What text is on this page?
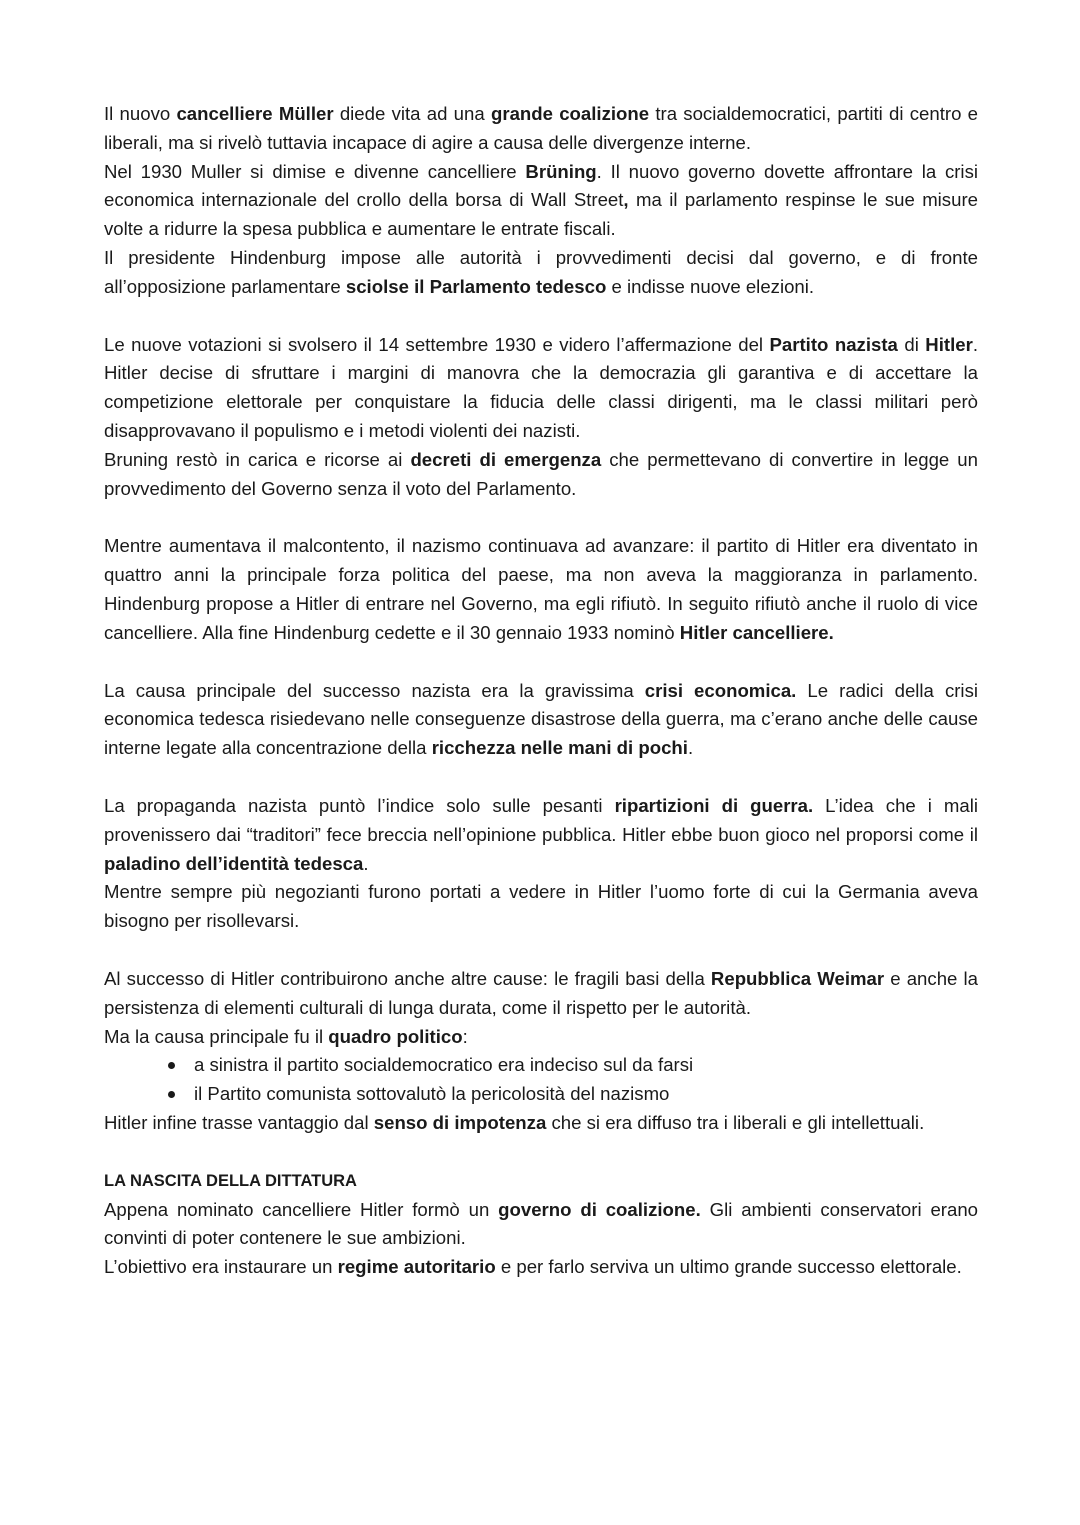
Il nuovo cancelliere Müller diede vita ad una grande coalizione tra socialdemocratici, partiti di centro e liberali, ma si rivelò tuttavia incapace di agire a causa delle divergenze interne.

Nel 1930 Muller si dimise e divenne cancelliere Brüning. Il nuovo governo dovette affrontare la crisi economica internazionale del crollo della borsa di Wall Street, ma il parlamento respinse le sue misure volte a ridurre la spesa pubblica e aumentare le entrate fiscali.

Il presidente Hindenburg impose alle autorità i provvedimenti decisi dal governo, e di fronte all’opposizione parlamentare sciolse il Parlamento tedesco e indisse nuove elezioni.

Le nuove votazioni si svolsero il 14 settembre 1930 e videro l’affermazione del Partito nazista di Hitler. Hitler decise di sfruttare i margini di manovra che la democrazia gli garantiva e di accettare la competizione elettorale per conquistare la fiducia delle classi dirigenti, ma le classi militari però disapprovavano il populismo e i metodi violenti dei nazisti.

Bruning restò in carica e ricorse ai decreti di emergenza che permettevano di convertire in legge un provvedimento del Governo senza il voto del Parlamento.

Mentre aumentava il malcontento, il nazismo continuava ad avanzare: il partito di Hitler era diventato in quattro anni la principale forza politica del paese, ma non aveva la maggioranza in parlamento. Hindenburg propose a Hitler di entrare nel Governo, ma egli rifiutò. In seguito rifiutò anche il ruolo di vice cancelliere. Alla fine Hindenburg cedette e il 30 gennaio 1933 nominò Hitler cancelliere.

La causa principale del successo nazista era la gravissima crisi economica. Le radici della crisi economica tedesca risiedevano nelle conseguenze disastrose della guerra, ma c’erano anche delle cause interne legate alla concentrazione della ricchezza nelle mani di pochi.

La propaganda nazista puntò l’indice solo sulle pesanti ripartizioni di guerra. L’idea che i mali provenissero dai “traditori” fece breccia nell’opinione pubblica. Hitler ebbe buon gioco nel proporsi come il paladino dell’identità tedesca.

Mentre sempre più negozianti furono portati a vedere in Hitler l’uomo forte di cui la Germania aveva bisogno per risollevarsi.

Al successo di Hitler contribuirono anche altre cause: le fragili basi della Repubblica Weimar e anche la persistenza di elementi culturali di lunga durata, come il rispetto per le autorità.

Ma la causa principale fu il quadro politico:

a sinistra il partito socialdemocratico era indeciso sul da farsi
il Partito comunista sottovalutò la pericolosità del nazismo

Hitler infine trasse vantaggio dal senso di impotenza che si era diffuso tra i liberali e gli intellettuali.

LA NASCITA DELLA DITTATURA

Appena nominato cancelliere Hitler formò un governo di coalizione. Gli ambienti conservatori erano convinti di poter contenere le sue ambizioni.

L’obiettivo era instaurare un regime autoritario e per farlo serviva un ultimo grande successo elettorale.
